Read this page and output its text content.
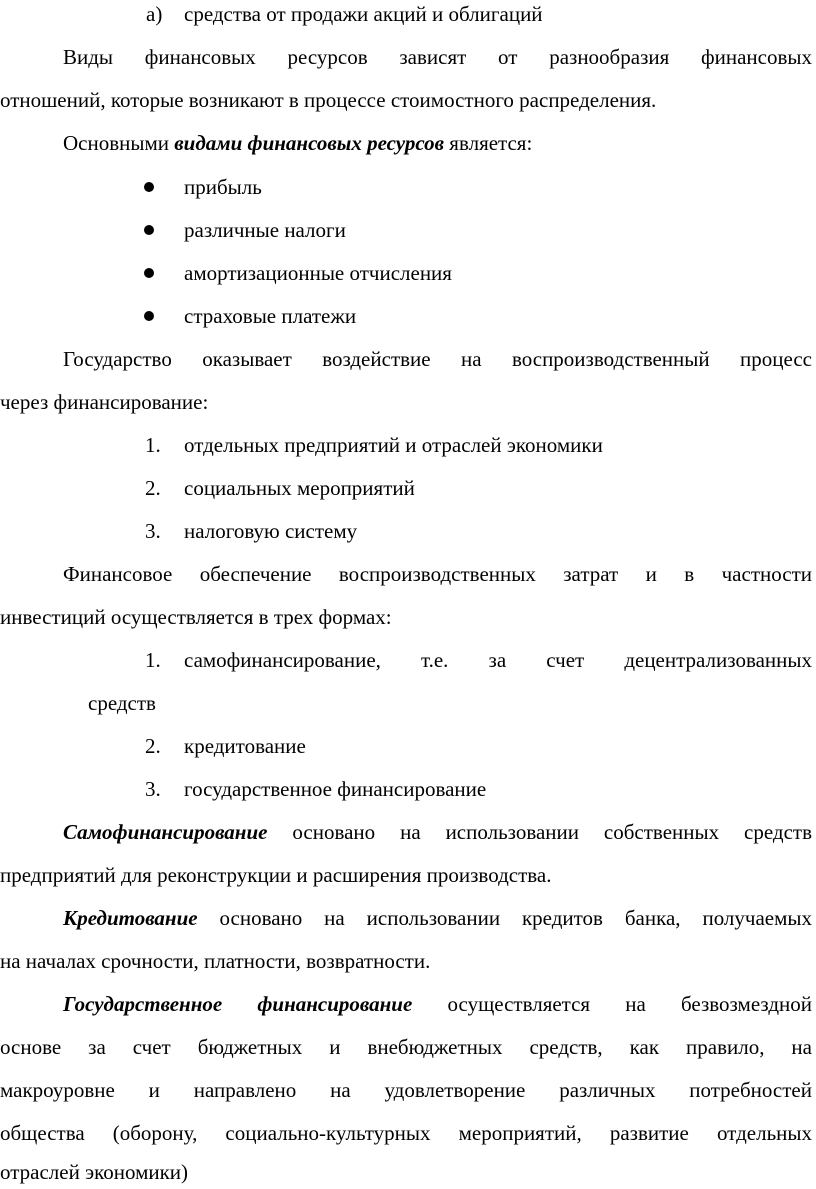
а) средства от продажи акций и облигаций
Виды финансовых ресурсов зависят от разнообразия финансовых
отношений, которые возникают в процессе стоимостного распределения.
Основными видами финансовых ресурсов является:
прибыль
различные налоги
амортизационные отчисления
страховые платежи
Государство оказывает воздействие на воспроизводственный процесс
через финансирование:
1. отдельных предприятий и отраслей экономики
2. социальных мероприятий
3. налоговую систему
Финансовое обеспечение воспроизводственных затрат и в частности
инвестиций осуществляется в трех формах:
1. самофинансирование, т.е. за счет децентрализованных
средств
2. кредитование
3. государственное финансирование
Самофинансирование основано на использовании собственных средств
предприятий для реконструкции и расширения производства.
Кредитование основано на использовании кредитов банка, получаемых
на началах срочности, платности, возвратности.
Государственное финансирование осуществляется на безвозмездной
основе за счет бюджетных и внебюджетных средств, как правило, на
макроуровне и направлено на удовлетворение различных потребностей
общества (оборону, социально-культурных мероприятий, развитие отдельных
отраслей экономики)
